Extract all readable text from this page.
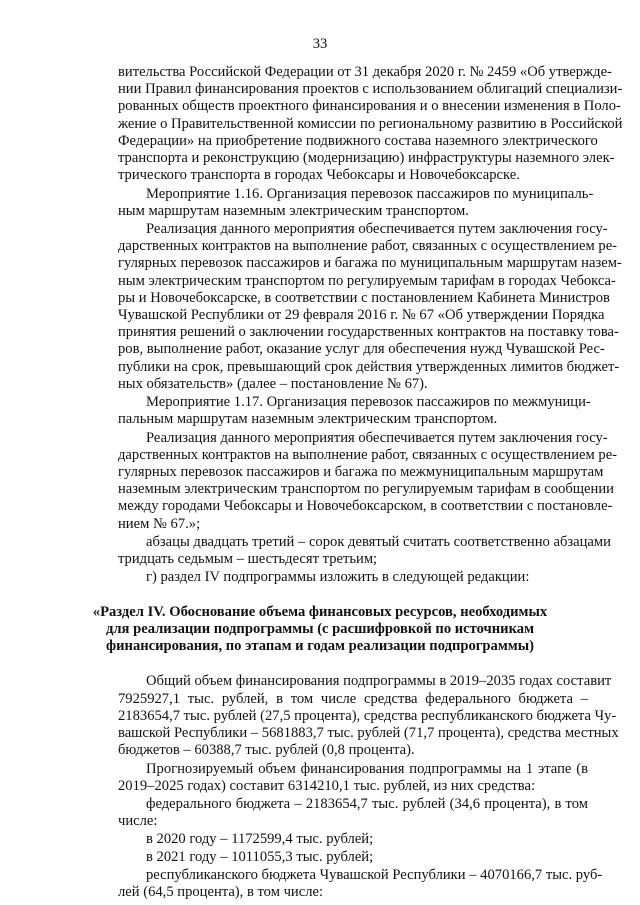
33
вительства Российской Федерации от 31 декабря 2020 г. № 2459 «Об утвержде-
нии Правил финансирования проектов с использованием облигаций специализи-
рованных обществ проектного финансирования и о внесении изменения в Поло-
жение о Правительственной комиссии по региональному развитию в Российской
Федерации» на приобретение подвижного состава наземного электрического
транспорта и реконструкцию (модернизацию) инфраструктуры наземного элек-
трического транспорта в городах Чебоксары и Новочебоксарске.
Мероприятие 1.16. Организация перевозок пассажиров по муниципаль-
ным маршрутам наземным электрическим транспортом.
Реализация данного мероприятия обеспечивается путем заключения госу-
дарственных контрактов на выполнение работ, связанных с осуществлением ре-
гулярных перевозок пассажиров и багажа по муниципальным маршрутам назем-
ным электрическим транспортом по регулируемым тарифам в городах Чебокса-
ры и Новочебоксарске, в соответствии с постановлением Кабинета Министров
Чувашской Республики от 29 февраля 2016 г. № 67 «Об утверждении Порядка
принятия решений о заключении государственных контрактов на поставку това-
ров, выполнение работ, оказание услуг для обеспечения нужд Чувашской Рес-
публики на срок, превышающий срок действия утвержденных лимитов бюджет-
ных обязательств» (далее – постановление № 67).
Мероприятие 1.17. Организация перевозок пассажиров по межмуници-
пальным маршрутам наземным электрическим транспортом.
Реализация данного мероприятия обеспечивается путем заключения госу-
дарственных контрактов на выполнение работ, связанных с осуществлением ре-
гулярных перевозок пассажиров и багажа по межмуниципальным маршрутам
наземным электрическим транспортом по регулируемым тарифам в сообщении
между городами Чебоксары и Новочебоксарском, в соответствии с постановле-
нием № 67.»;
абзацы двадцать третий – сорок девятый считать соответственно абзацами
тридцать седьмым – шестьдесят третьим;
г) раздел IV подпрограммы изложить в следующей редакции:
«Раздел IV. Обоснование объема финансовых ресурсов, необходимых
для реализации подпрограммы (с расшифровкой по источникам
финансирования, по этапам и годам реализации подпрограммы)
Общий объем финансирования подпрограммы в 2019–2035 годах составит
7925927,1 тыс. рублей, в том числе средства федерального бюджета –
2183654,7 тыс. рублей (27,5 процента), средства республиканского бюджета Чу-
вашской Республики – 5681883,7 тыс. рублей (71,7 процента), средства местных
бюджетов – 60388,7 тыс. рублей (0,8 процента).
Прогнозируемый объем финансирования подпрограммы на 1 этапе (в
2019–2025 годах) составит 6314210,1 тыс. рублей, из них средства:
федерального бюджета – 2183654,7 тыс. рублей (34,6 процента), в том
числе:
в 2020 году – 1172599,4 тыс. рублей;
в 2021 году – 1011055,3 тыс. рублей;
республиканского бюджета Чувашской Республики – 4070166,7 тыс. руб-
лей (64,5 процента), в том числе:
